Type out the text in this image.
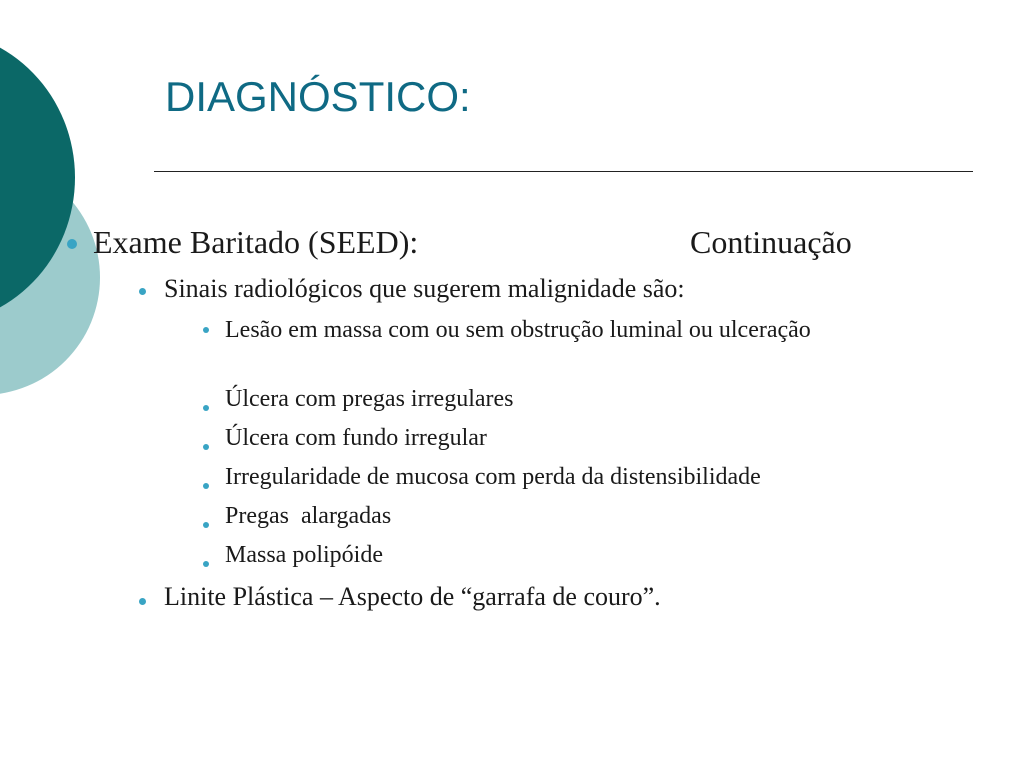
DIAGNÓSTICO:
Exame Baritado (SEED):	Continuação
Sinais radiológicos que sugerem malignidade são:
Lesão em massa com ou sem obstrução luminal ou ulceração
Úlcera com pregas irregulares
Úlcera com fundo irregular
Irregularidade de mucosa com perda da distensibilidade
Pregas  alargadas
Massa polipóide
Linite Plástica – Aspecto de “garrafa de couro”.
